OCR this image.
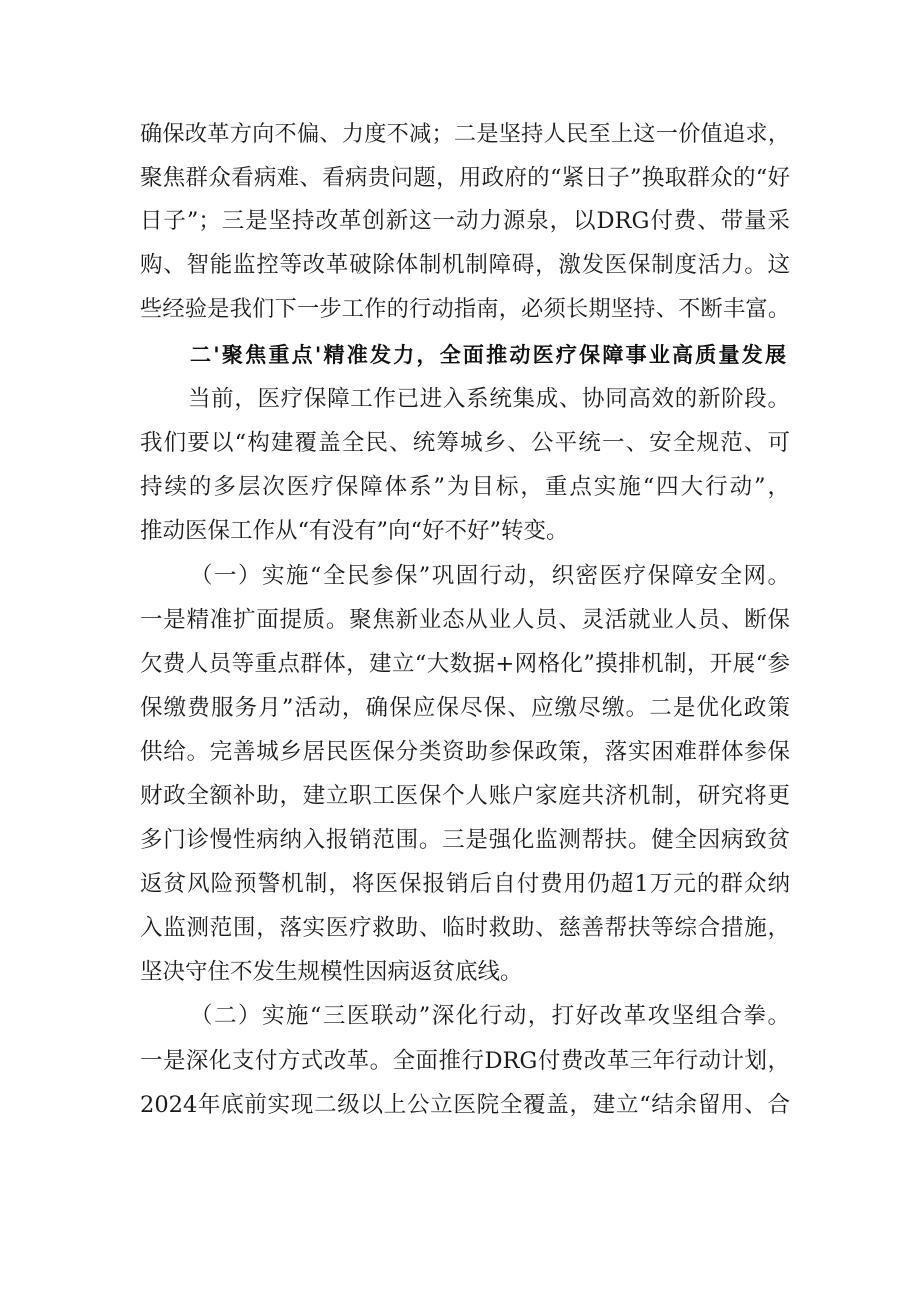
确保改革方向不偏、力度不减；二是坚持人民至上这一价值追求，
聚焦群众看病难、看病贵问题，用政府的“紧日子”换取群众的“好
日子”；三是坚持改革创新这一动力源泉，以DRG付费、带量采
购、智能监控等改革破除体制机制障碍，激发医保制度活力。这
些经验是我们下一步工作的行动指南，必须长期坚持、不断丰富。
二'聚焦重点'精准发力，全面推动医疗保障事业高质量发展
当前，医疗保障工作已进入系统集成、协同高效的新阶段。
我们要以“构建覆盖全民、统筹城乡、公平统一、安全规范、可
持续的多层次医疗保障体系”为目标，重点实施“四大行动”，
推动医保工作从“有没有”向“好不好”转变。
（一）实施“全民参保”巩固行动，织密医疗保障安全网。
一是精准扩面提质。聚焦新业态从业人员、灵活就业人员、断保
欠费人员等重点群体，建立“大数据+网格化”摸排机制，开展“参
保缴费服务月”活动，确保应保尽保、应缴尽缴。二是优化政策
供给。完善城乡居民医保分类资助参保政策，落实困难群体参保
财政全额补助，建立职工医保个人账户家庭共济机制，研究将更
多门诊慢性病纳入报销范围。三是强化监测帮扶。健全因病致贫
返贫风险预警机制，将医保报销后自付费用仍超1万元的群众纳
入监测范围，落实医疗救助、临时救助、慈善帮扶等综合措施，
坚决守住不发生规模性因病返贫底线。
（二）实施“三医联动”深化行动，打好改革攻坚组合拳。
一是深化支付方式改革。全面推行DRG付费改革三年行动计划，
2024年底前实现二级以上公立医院全覆盖，建立“结余留用、合
